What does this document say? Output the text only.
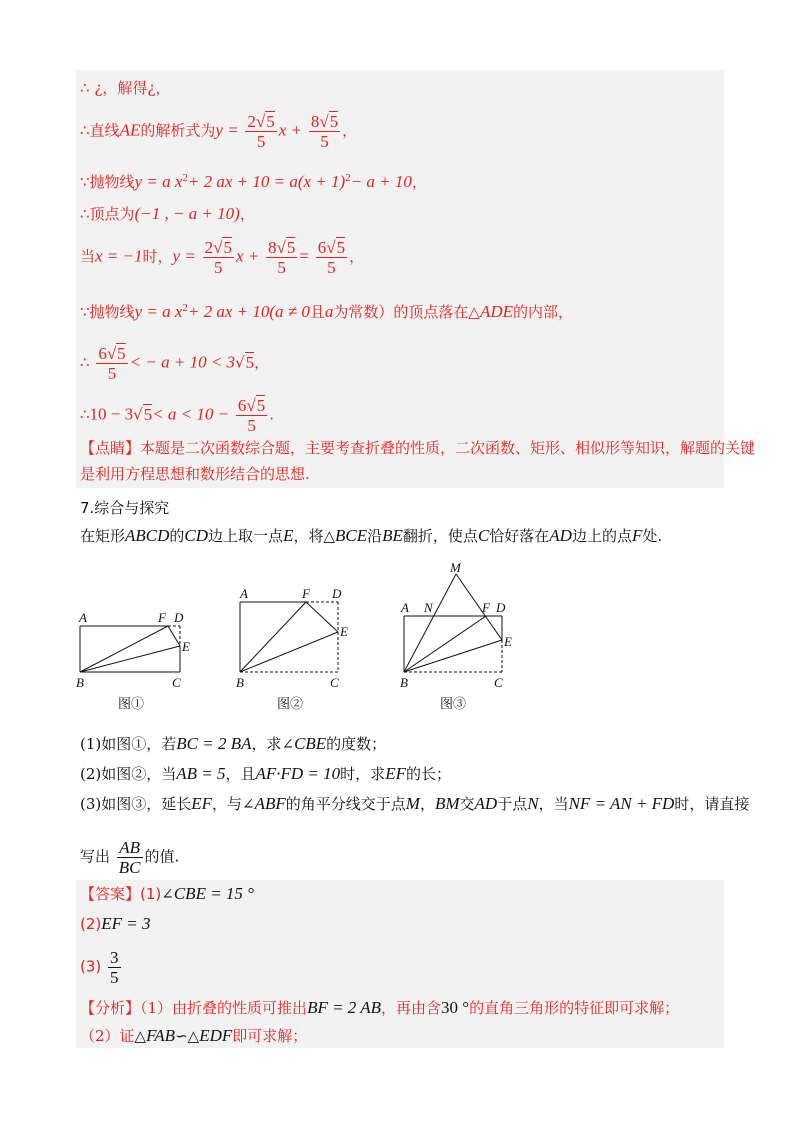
∴ ¿，解得¿，
∴直线AE的解析式为$y = \frac{2√5}{5}$ $x + \frac{8√5}{5}$ ，
∵抛物线y = a $x^2+ 2$ ax + $10 = a(x + 1)^2- a + 10$，
∴顶点为(−1 , − a + 10)，
当x = −1时，$y = \frac{2√5}{5}$ $x + \frac{8√5}{5} = \frac{6√5}{5}$ ，
∵抛物线y = a $x^2+ 2$ ax + 10(a ≠ 0且a为常数）的顶点落在△ADE的内部，
∴ $\frac{6√5}{5}$ < − a + 10 < 3√5，
∴10 − $3√5< a < 10 - \frac{6√5}{5}$ .
【点睛】本题是二次函数综合题，主要考查折叠的性质，二次函数、矩形、相似形等知识，解题的关键
是利用方程思想和数形结合的思想.
7.综合与探究
在矩形ABCD的CD边上取一点E，将△BCE沿BE翻折，使点C恰好落在AD边上的点F处.
A	F D
E
B	C
图①
A	F D
E
B	C
图②
M
A N	F D
E
B	C
图③
(1)如图①，若BC = 2 BA，求∠CBE的度数；
(2)如图②，当AB = 5，且AF·FD = 10时，求EF的长；
(3)如图③，延长EF，与∠ABF的角平分线交于点M，BM交AD于点N，当NF = AN + FD时，请直接
写出 $\frac{AB}{BC}$ 的值.
【答案】(1)∠CBE = 15 °
(2)EF = 3
$(3) \frac{3}{5}$
【分析】（1）由折叠的性质可推出BF = 2 AB，再由含30 °的直角三角形的特征即可求解；
（2）证△FAB∽△EDF即可求解；
